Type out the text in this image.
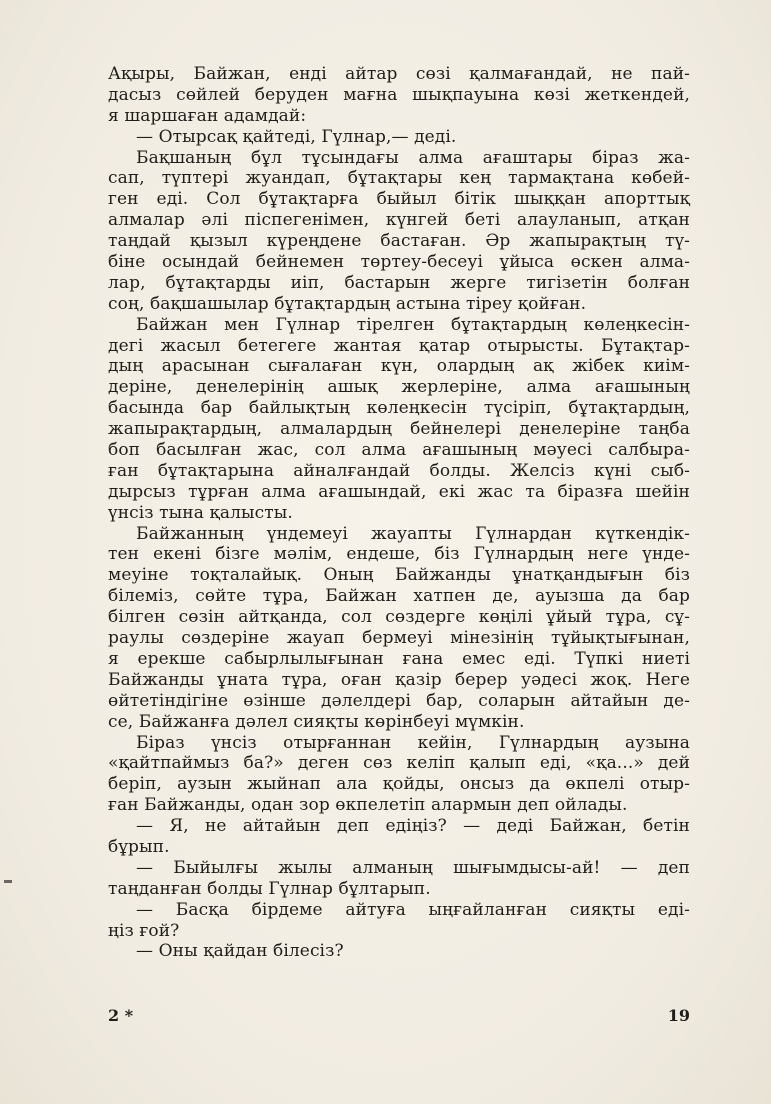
Ақыры, Байжан, енді айтар сөзі қалмағандай, не пай-
дасыз сөйлей беруден мағна шықпауына көзі жеткендей,
я шаршаған адамдай:
— Отырсақ қайтеді, Гүлнар,— деді.
Бақшаның бұл тұсындағы алма ағаштары біраз жа-
сап, түптері жуандап, бұтақтары кең тармақтана көбей-
ген еді. Сол бұтақтарға быйыл бітік шыққан апорттық
алмалар әлі піспегенімен, күнгей беті алауланып, атқан
таңдай қызыл күреңдене бастаған. Әр жапырақтың тү-
біне осындай бейнемен төртеу-бесеуі ұйыса өскен алма-
лар, бұтақтарды иіп, бастарын жерге тигізетін болған
соң, бақшашылар бұтақтардың астына тіреу қойған.
Байжан мен Гүлнар тірелген бұтақтардың көлеңкесін-
дегі жасыл бетегеге жантая қатар отырысты. Бұтақтар-
дың арасынан сығалаған күн, олардың ақ жібек киім-
деріне, денелерінің ашық жерлеріне, алма ағашының
басында бар байлықтың көлеңкесін түсіріп, бұтақтардың,
жапырақтардың, алмалардың бейнелері денелеріне таңба
боп басылған жас, сол алма ағашының мәуесі салбыра-
ған бұтақтарына айналғандай болды. Желсіз күні сыб-
дырсыз тұрған алма ағашындай, екі жас та біразға шейін
үнсіз тына қалысты.
Байжанның үндемеуі жауапты Гүлнардан күткендік-
тен екені бізге мәлім, ендеше, біз Гүлнардың неге үнде-
меуіне тоқталайық. Оның Байжанды ұнатқандығын біз
білеміз, сөйте тұра, Байжан хатпен де, ауызша да бар
білген сөзін айтқанда, сол сөздерге көңілі ұйый тұра, сұ-
раулы сөздеріне жауап бермеуі мінезінің тұйықтығынан,
я ерекше сабырлылығынан ғана емес еді. Түпкі ниеті
Байжанды ұната тұра, оған қазір берер уәдесі жоқ. Неге
өйтетіндігіне өзінше дәлелдері бар, соларын айтайын де-
се, Байжанға дәлел сияқты көрінбеуі мүмкін.
Біраз үнсіз отырғаннан кейін, Гүлнардың аузына
«қайтпаймыз ба?» деген сөз келіп қалып еді, «қа...» дей
беріп, аузын жыйнап ала қойды, онсыз да өкпелі отыр-
ған Байжанды, одан зор өкпелетіп алармын деп ойлады.
— Я, не айтайын деп едіңіз? — деді Байжан, бетін
бұрып.
— Быйылғы жылы алманың шығымдысы-ай! — деп
таңданған болды Гүлнар бұлтарып.
— Басқа бірдеме айтуға ыңғайланған сияқты еді-
ңіз ғой?
— Оны қайдан білесіз?
2 *	19
